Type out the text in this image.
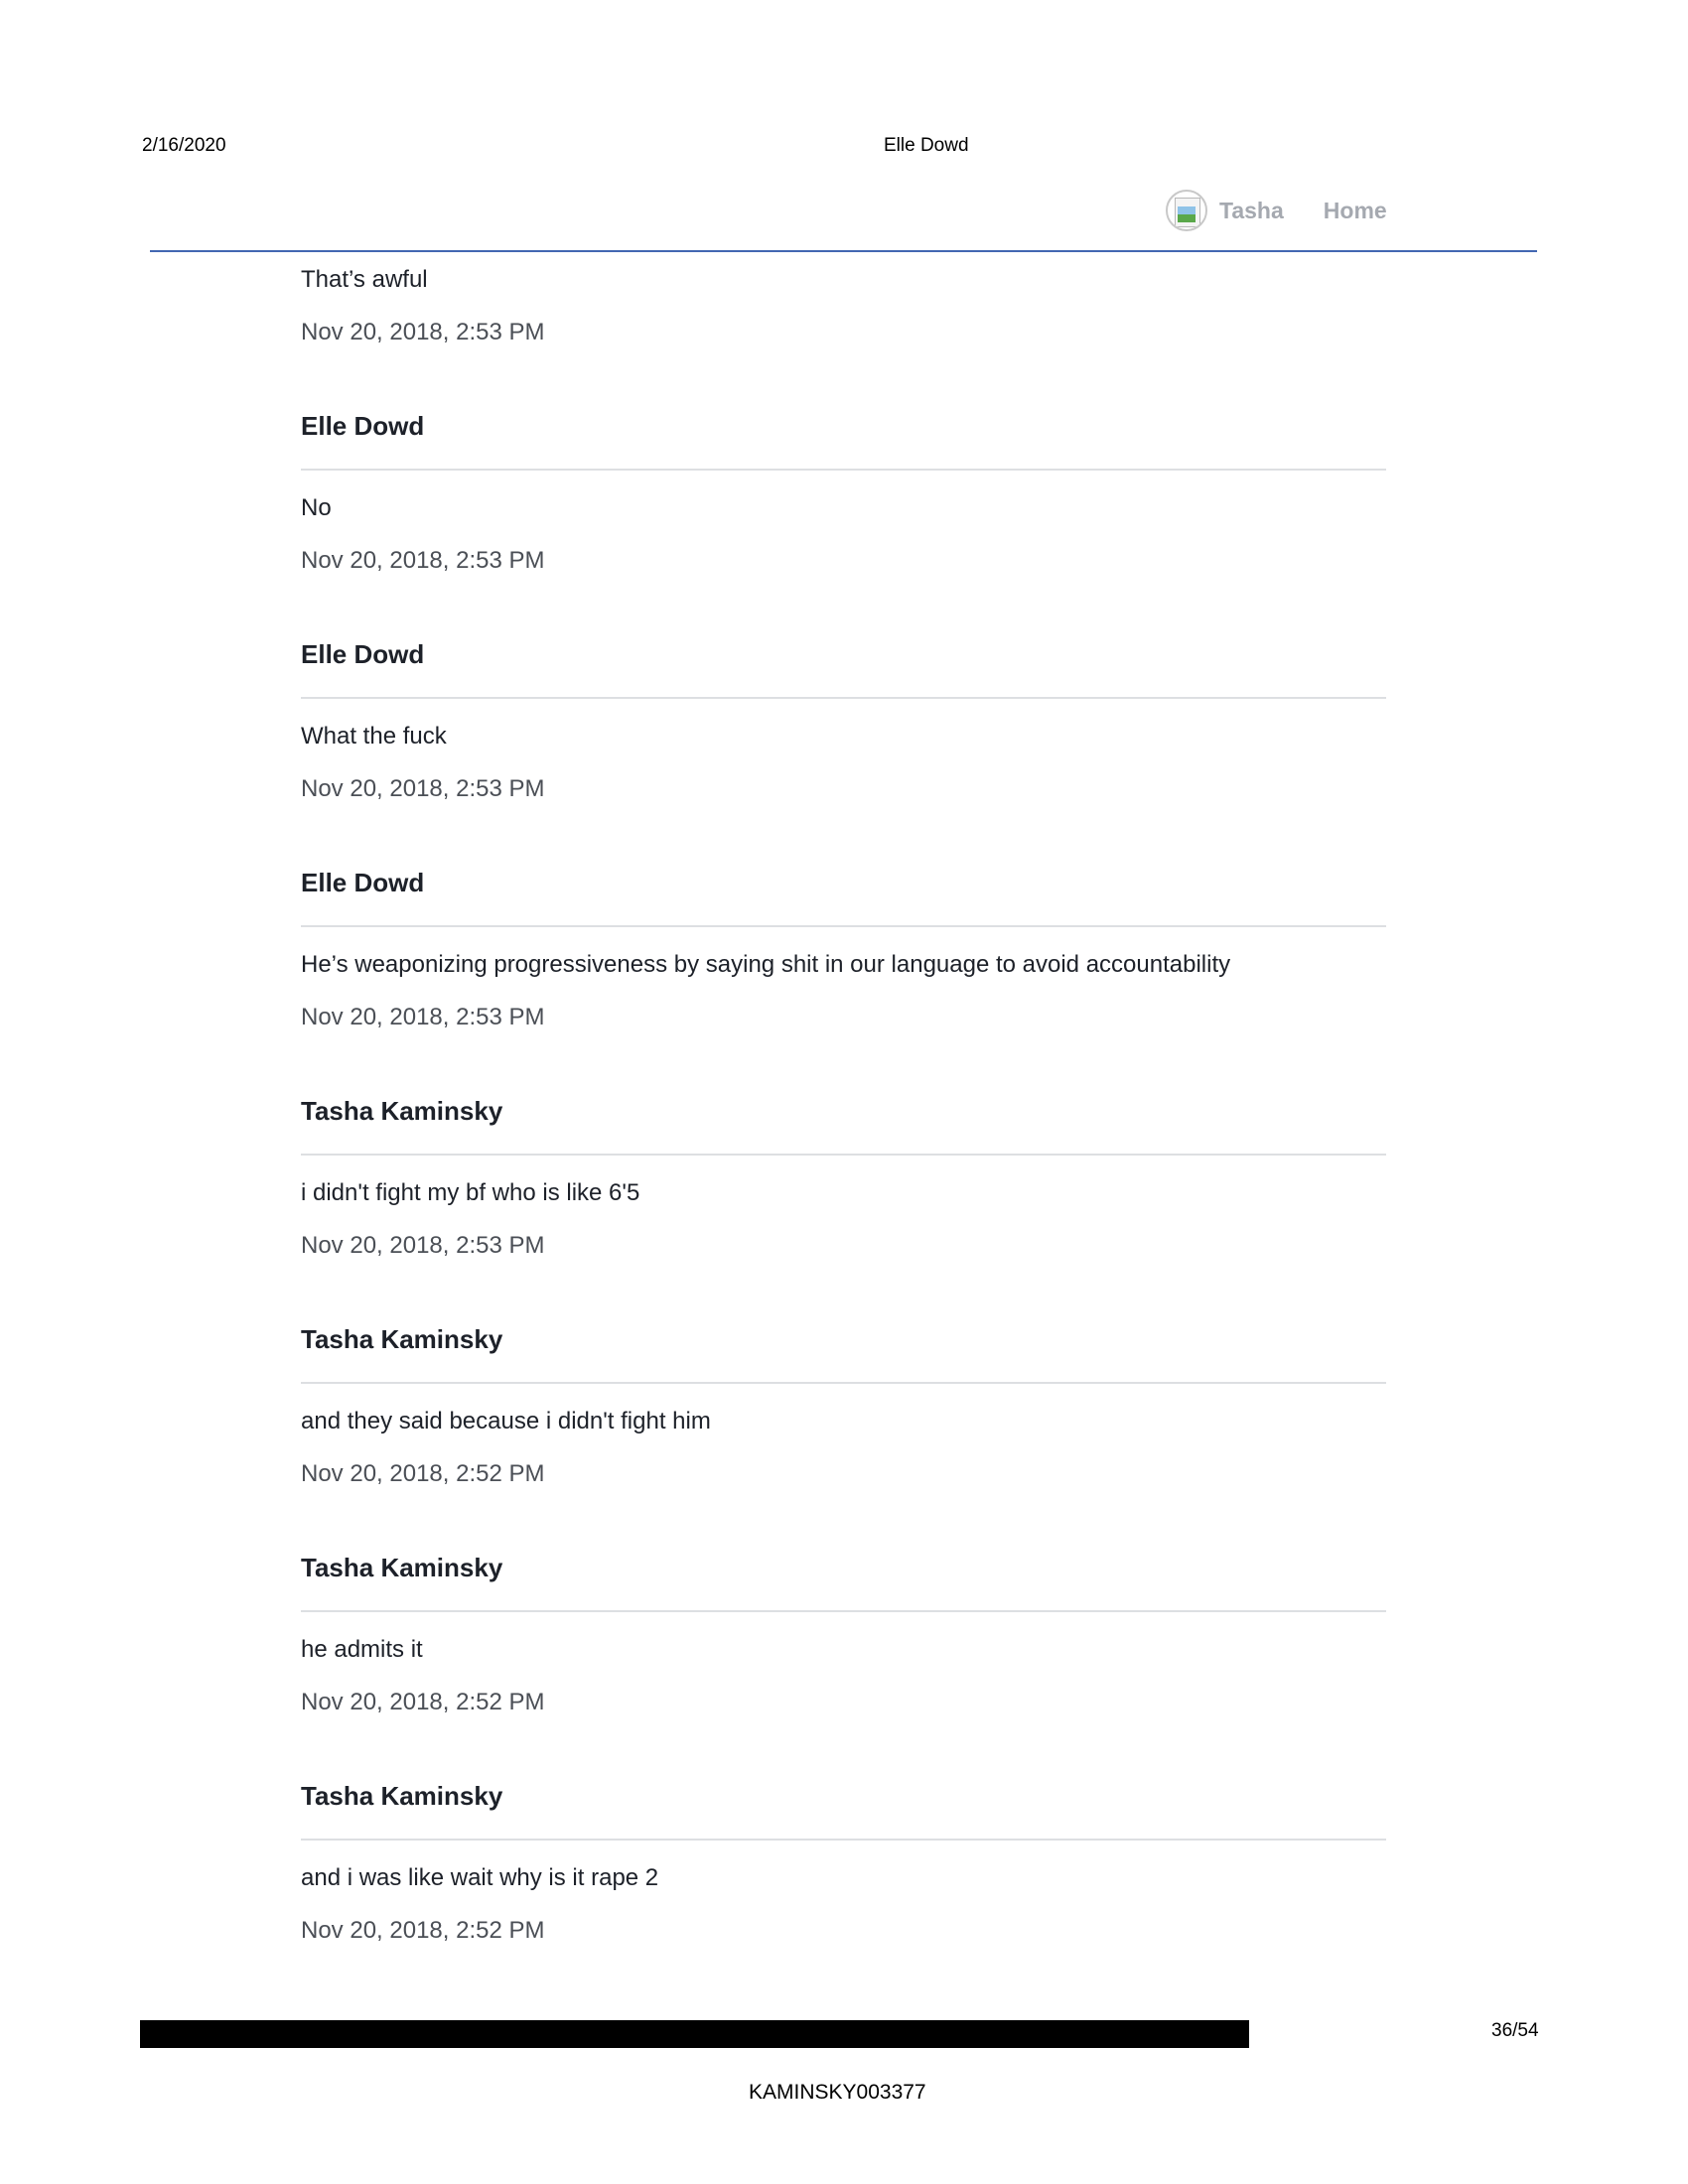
2/16/2020	Elle Dowd
Tasha Home
That’s awful
Nov 20, 2018, 2:53 PM
Elle Dowd
No
Nov 20, 2018, 2:53 PM
Elle Dowd
What the fuck
Nov 20, 2018, 2:53 PM
Elle Dowd
He’s weaponizing progressiveness by saying shit in our language to avoid accountability
Nov 20, 2018, 2:53 PM
Tasha Kaminsky
i didn't fight my bf who is like 6'5
Nov 20, 2018, 2:53 PM
Tasha Kaminsky
and they said because i didn't fight him
Nov 20, 2018, 2:52 PM
Tasha Kaminsky
he admits it
Nov 20, 2018, 2:52 PM
Tasha Kaminsky
and i was like wait why is it rape 2
Nov 20, 2018, 2:52 PM
36/54
KAMINSKY003377
